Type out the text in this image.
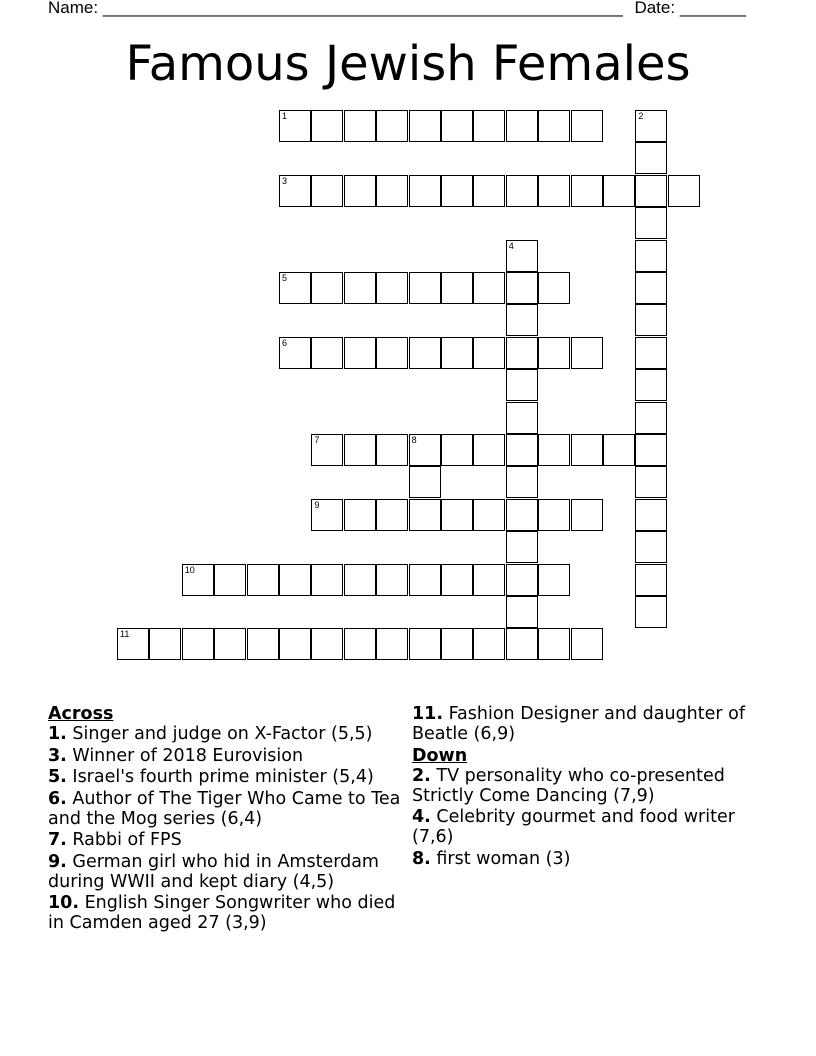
Name: _______________________________________________________ Date: _______
Famous Jewish Females
1	2
3
4
5
6
7	8
9
10
11

Across

1. Singer and judge on X-Factor (5,5)

3. Winner of 2018 Eurovision

5. Israel's fourth prime minister (5,4)

6. Author of The Tiger Who Came to Tea and the Mog series (6,4)

7. Rabbi of FPS

9. German girl who hid in Amsterdam during WWII and kept diary (4,5)

10. English Singer Songwriter who died in Camden aged 27 (3,9)

11. Fashion Designer and daughter of Beatle (6,9)

Down

2. TV personality who co-presented Strictly Come Dancing (7,9)

4. Celebrity gourmet and food writer (7,6)

8. first woman (3)
